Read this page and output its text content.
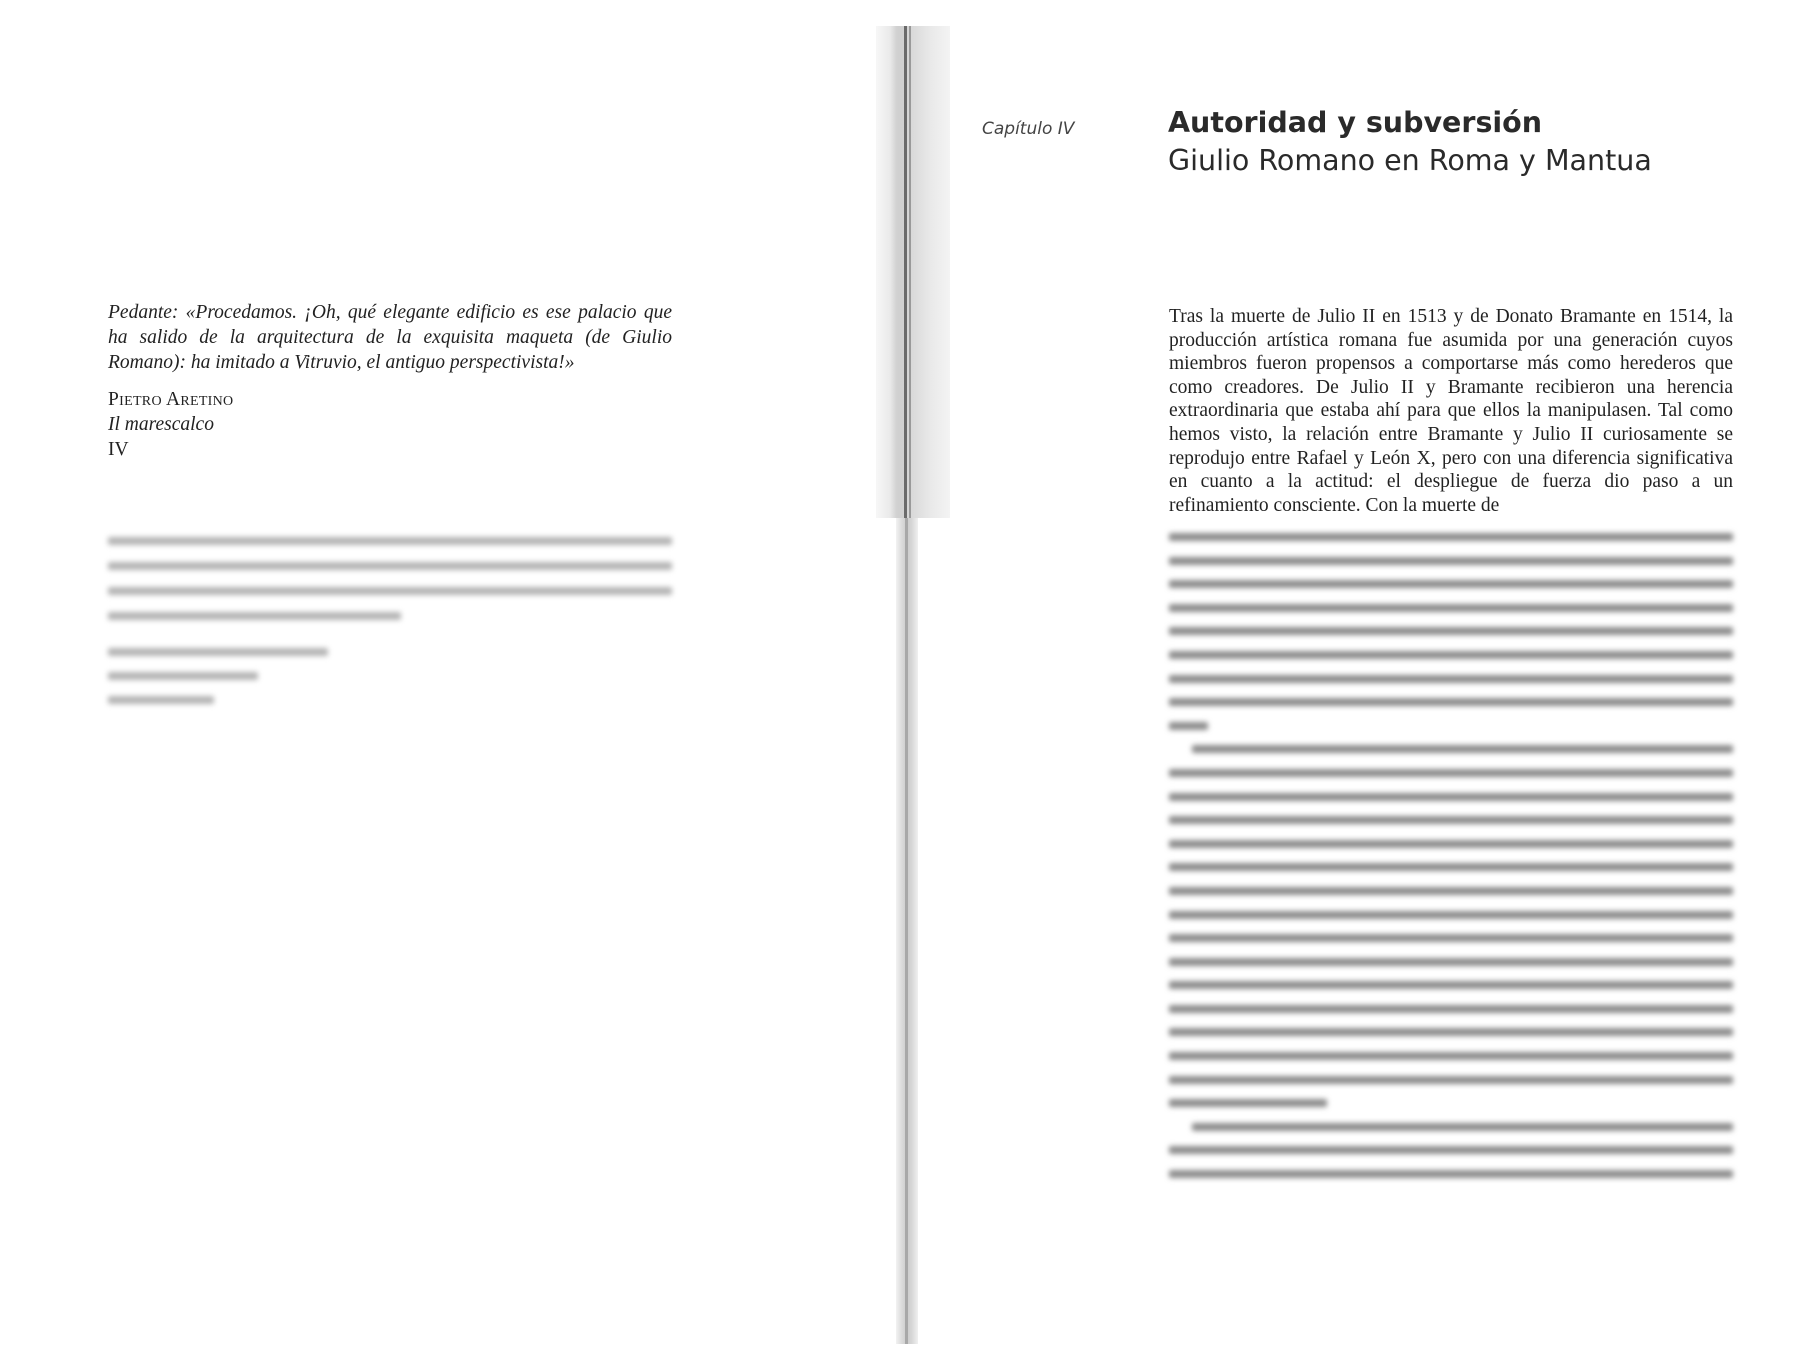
Pedante: «Procedamos. ¡Oh, qué elegante edificio es ese palacio que ha salido de la arquitectura de la exquisita maqueta (de Giulio Romano): ha imitado a Vitruvio, el antiguo perspectivista!»
Pietro Aretino
Il marescalco
IV
Capítulo IV	Autoridad y subversión
Giulio Romano en Roma y Mantua

Tras la muerte de Julio II en 1513 y de Donato Bramante en 1514, la producción artística romana fue asumida por una generación cuyos miembros fueron propensos a comportarse más como herederos que como creadores. De Julio II y Bramante recibieron una herencia extraordinaria que estaba ahí para que ellos la manipulasen. Tal como hemos visto, la relación entre Bramante y Julio II curiosamente se reprodujo entre Rafael y León X, pero con una diferencia significativa en cuanto a la actitud: el despliegue de fuerza dio paso a un refinamiento consciente. Con la muerte de
